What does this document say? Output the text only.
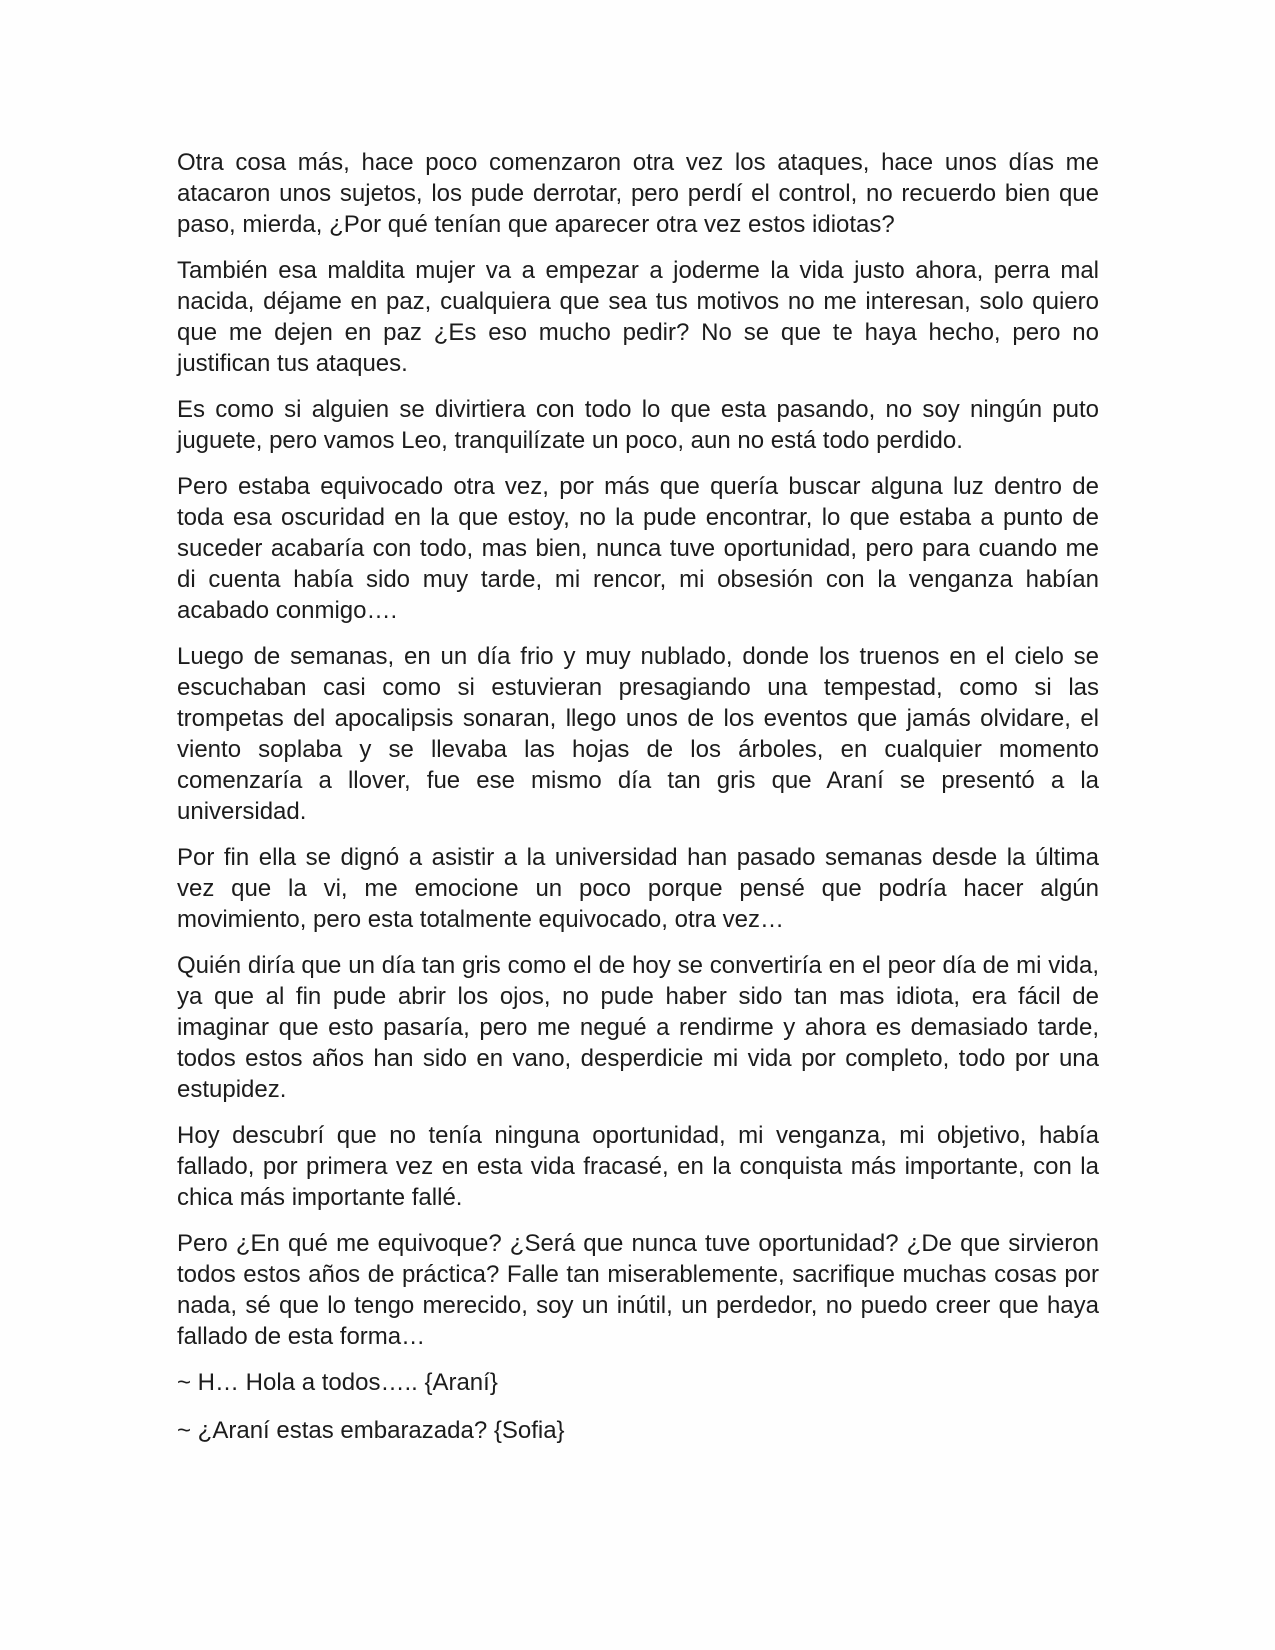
Otra cosa más, hace poco comenzaron otra vez los ataques, hace unos días me atacaron unos sujetos, los pude derrotar, pero perdí el control, no recuerdo bien que paso, mierda, ¿Por qué tenían que aparecer otra vez estos idiotas?

También esa maldita mujer va a empezar a joderme la vida justo ahora, perra mal nacida, déjame en paz, cualquiera que sea tus motivos no me interesan, solo quiero que me dejen en paz ¿Es eso mucho pedir? No se que te haya hecho, pero no justifican tus ataques.

Es como si alguien se divirtiera con todo lo que esta pasando, no soy ningún puto juguete, pero vamos Leo, tranquilízate un poco, aun no está todo perdido.

Pero estaba equivocado otra vez, por más que quería buscar alguna luz dentro de toda esa oscuridad en la que estoy, no la pude encontrar, lo que estaba a punto de suceder acabaría con todo, mas bien, nunca tuve oportunidad, pero para cuando me di cuenta había sido muy tarde, mi rencor, mi obsesión con la venganza habían acabado conmigo….

Luego de semanas, en un día frio y muy nublado, donde los truenos en el cielo se escuchaban casi como si estuvieran presagiando una tempestad, como si las trompetas del apocalipsis sonaran, llego unos de los eventos que jamás olvidare, el viento soplaba y se llevaba las hojas de los árboles, en cualquier momento comenzaría a llover, fue ese mismo día tan gris que Araní se presentó a la universidad.

Por fin ella se dignó a asistir a la universidad han pasado semanas desde la última vez que la vi, me emocione un poco porque pensé que podría hacer algún movimiento, pero esta totalmente equivocado, otra vez…

Quién diría que un día tan gris como el de hoy se convertiría en el peor día de mi vida, ya que al fin pude abrir los ojos, no pude haber sido tan mas idiota, era fácil de imaginar que esto pasaría, pero me negué a rendirme y ahora es demasiado tarde, todos estos años han sido en vano, desperdicie mi vida por completo, todo por una estupidez.

Hoy descubrí que no tenía ninguna oportunidad, mi venganza, mi objetivo, había fallado, por primera vez en esta vida fracasé, en la conquista más importante, con la chica más importante fallé.

Pero ¿En qué me equivoque? ¿Será que nunca tuve oportunidad? ¿De que sirvieron todos estos años de práctica? Falle tan miserablemente, sacrifique muchas cosas por nada, sé que lo tengo merecido, soy un inútil, un perdedor, no puedo creer que haya fallado de esta forma…

~ H… Hola a todos….. {Araní}

~ ¿Araní estas embarazada? {Sofia}
